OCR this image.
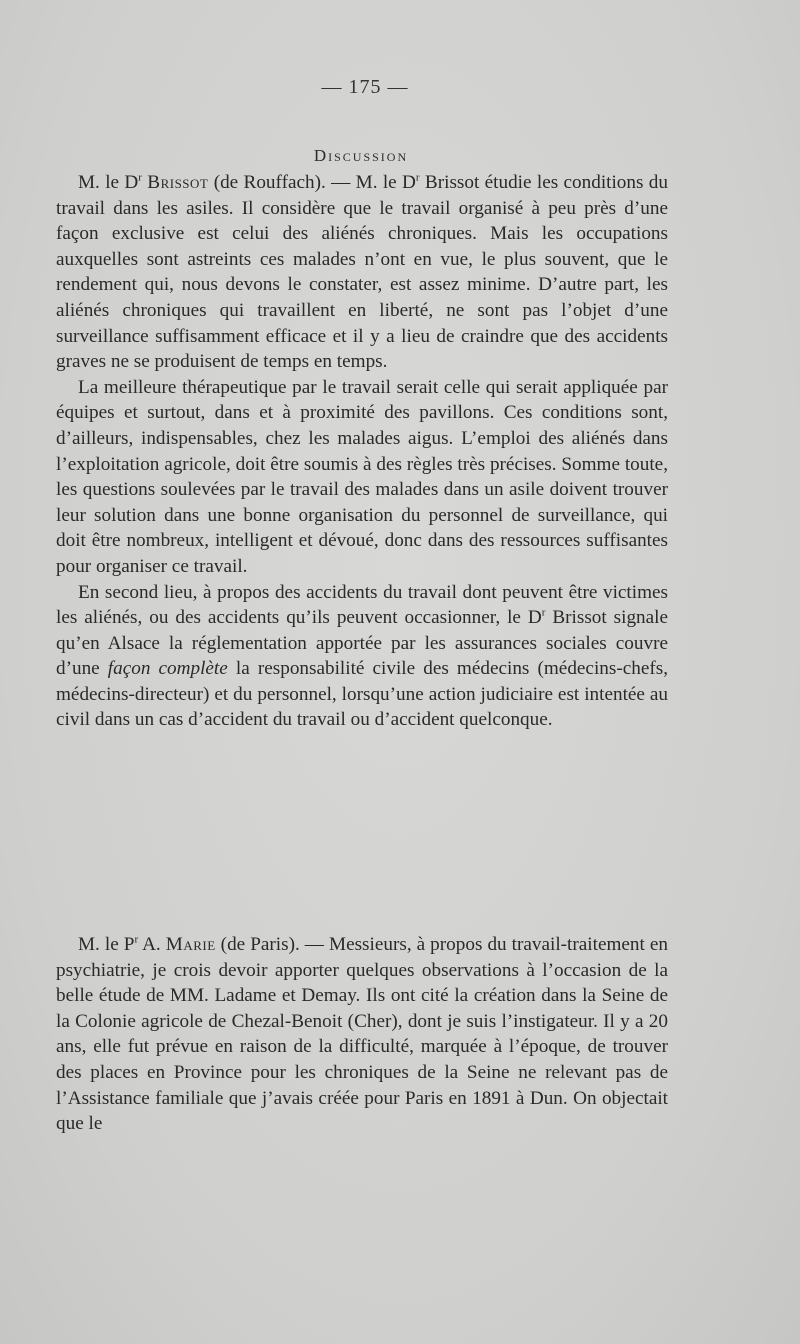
— 175 —
Discussion

M. le $D^r$ Brissot (de Rouffach). — M. le $D^r$ Brissot étudie les conditions du travail dans les asiles. Il considère que le travail organisé à peu près d’une façon exclusive est celui des aliénés chroniques. Mais les occupations auxquelles sont astreints ces malades n’ont en vue, le plus souvent, que le rendement qui, nous devons le constater, est assez minime. D’autre part, les aliénés chroniques qui travaillent en liberté, ne sont pas l’objet d’une surveillance suffisamment efficace et il y a lieu de craindre que des accidents graves ne se produisent de temps en temps.

La meilleure thérapeutique par le travail serait celle qui serait appliquée par équipes et surtout, dans et à proximité des pavillons. Ces conditions sont, d’ailleurs, indispensables, chez les malades aigus. L’emploi des aliénés dans l’exploitation agricole, doit être soumis à des règles très précises. Somme toute, les questions soulevées par le travail des malades dans un asile doivent trouver leur solution dans une bonne organisation du personnel de surveillance, qui doit être nombreux, intelligent et dévoué, donc dans des ressources suffisantes pour organiser ce travail.

En second lieu, à propos des accidents du travail dont peuvent être victimes les aliénés, ou des accidents qu’ils peuvent occasionner, le $D^r$ Brissot signale qu’en Alsace la réglementation apportée par les assurances sociales couvre d’une façon complète la responsabilité civile des médecins (médecins-chefs, médecins-directeur) et du personnel, lorsqu’une action judiciaire est intentée au civil dans un cas d’accident du travail ou d’accident quelconque.

M. le $P^r$ A. Marie (de Paris). — Messieurs, à propos du travail-traitement en psychiatrie, je crois devoir apporter quelques observations à l’occasion de la belle étude de MM. Ladame et Demay. Ils ont cité la création dans la Seine de la Colonie agricole de Chezal-Benoit (Cher), dont je suis l’instigateur. Il y a 20 ans, elle fut prévue en raison de la difficulté, marquée à l’époque, de trouver des places en Province pour les chroniques de la Seine ne relevant pas de l’Assistance familiale que j’avais créée pour Paris en 1891 à Dun. On objectait que le
